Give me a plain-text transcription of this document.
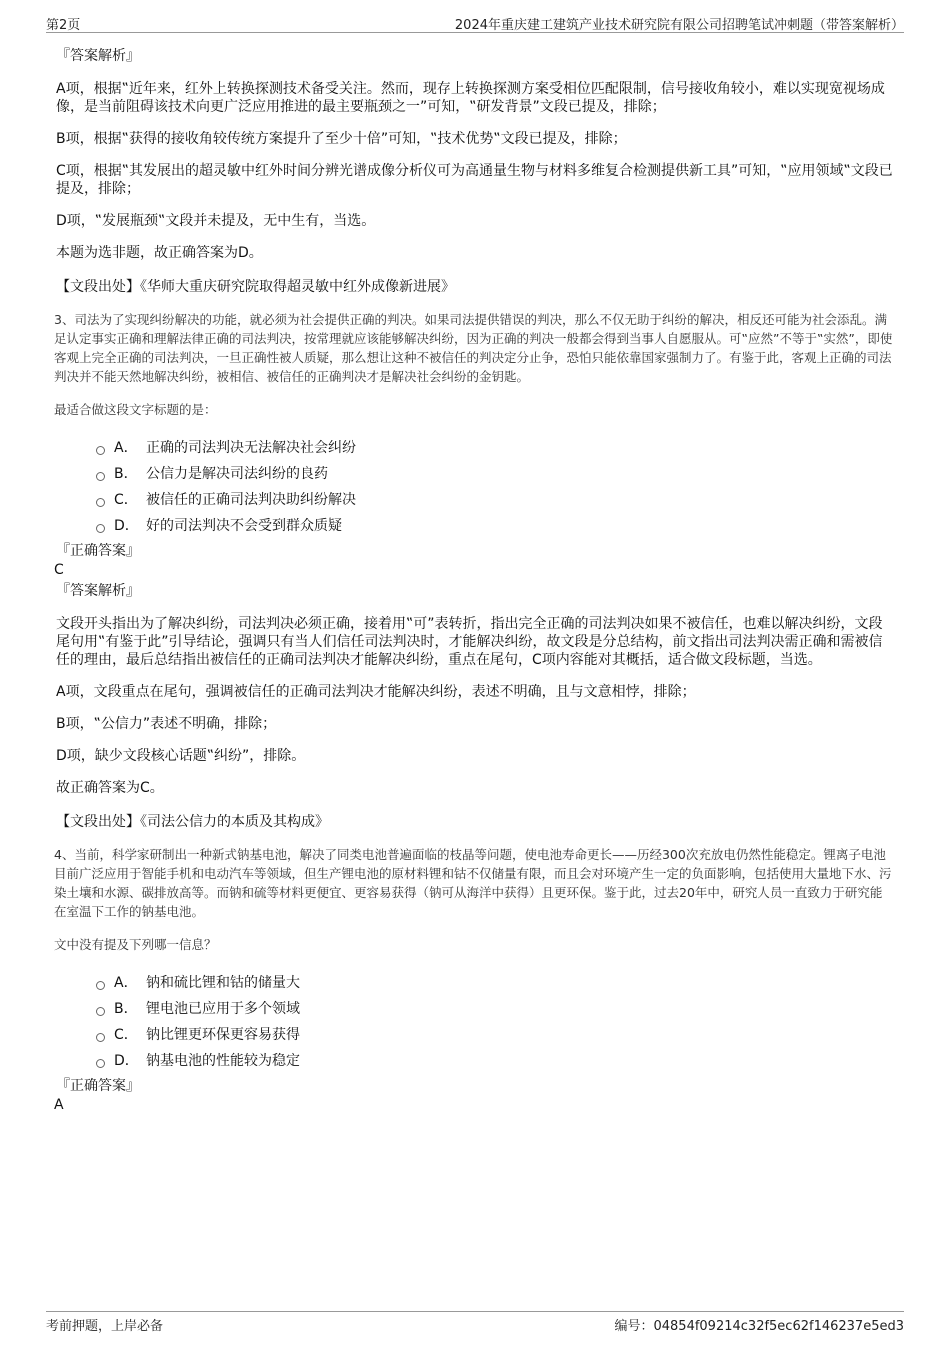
第2页	2024年重庆建工建筑产业技术研究院有限公司招聘笔试冲刺题（带答案解析）

『答案解析』

A项，根据‟近年来，红外上转换探测技术备受关注。然而，现存上转换探测方案受相位匹配限制，信号接收角较小，难以实现宽视场成像，是当前阻碍该技术向更广泛应用推进的最主要瓶颈之一”可知，‟研发背景”文段已提及，排除；

B项，根据‟获得的接收角较传统方案提升了至少十倍”可知，‟技术优势‟文段已提及，排除；

C项，根据‟其发展出的超灵敏中红外时间分辨光谱成像分析仪可为高通量生物与材料多维复合检测提供新工具”可知，‟应用领域‟文段已提及，排除；

D项，‟发展瓶颈‟文段并未提及，无中生有，当选。

本题为选非题，故正确答案为D。

【文段出处】《华师大重庆研究院取得超灵敏中红外成像新进展》

3、司法为了实现纠纷解决的功能，就必须为社会提供正确的判决。如果司法提供错误的判决，那么不仅无助于纠纷的解决，相反还可能为社会添乱。满足认定事实正确和理解法律正确的司法判决，按常理就应该能够解决纠纷，因为正确的判决一般都会得到当事人自愿服从。可‟应然”不等于‟实然”，即使客观上完全正确的司法判决，一旦正确性被人质疑，那么想让这种不被信任的判决定分止争，恐怕只能依靠国家强制力了。有鉴于此，客观上正确的司法判决并不能天然地解决纠纷，被相信、被信任的正确判决才是解决社会纠纷的金钥匙。

最适合做这段文字标题的是：

A． 正确的司法判决无法解决社会纠纷
B． 公信力是解决司法纠纷的良药
C． 被信任的正确司法判决助纠纷解决
D． 好的司法判决不会受到群众质疑

『正确答案』

C

『答案解析』

文段开头指出为了解决纠纷，司法判决必须正确，接着用‟可”表转折，指出完全正确的司法判决如果不被信任，也难以解决纠纷，文段尾句用‟有鉴于此”引导结论，强调只有当人们信任司法判决时，才能解决纠纷，故文段是分总结构，前文指出司法判决需正确和需被信任的理由，最后总结指出被信任的正确司法判决才能解决纠纷，重点在尾句，C项内容能对其概括，适合做文段标题，当选。

A项，文段重点在尾句，强调被信任的正确司法判决才能解决纠纷，表述不明确，且与文意相悖，排除；

B项，‟公信力”表述不明确，排除；

D项，缺少文段核心话题‟纠纷”，排除。

故正确答案为C。

【文段出处】《司法公信力的本质及其构成》

4、当前，科学家研制出一种新式钠基电池，解决了同类电池普遍面临的枝晶等问题，使电池寿命更长——历经300次充放电仍然性能稳定。锂离子电池目前广泛应用于智能手机和电动汽车等领域，但生产锂电池的原材料锂和钴不仅储量有限，而且会对环境产生一定的负面影响，包括使用大量地下水、污染土壤和水源、碳排放高等。而钠和硫等材料更便宜、更容易获得（钠可从海洋中获得）且更环保。鉴于此，过去20年中，研究人员一直致力于研究能在室温下工作的钠基电池。

文中没有提及下列哪一信息？

A． 钠和硫比锂和钴的储量大
B． 锂电池已应用于多个领域
C． 钠比锂更环保更容易获得
D． 钠基电池的性能较为稳定

『正确答案』

A

考前押题，上岸必备	编号：04854f09214c32f5ec62f146237e5ed3
